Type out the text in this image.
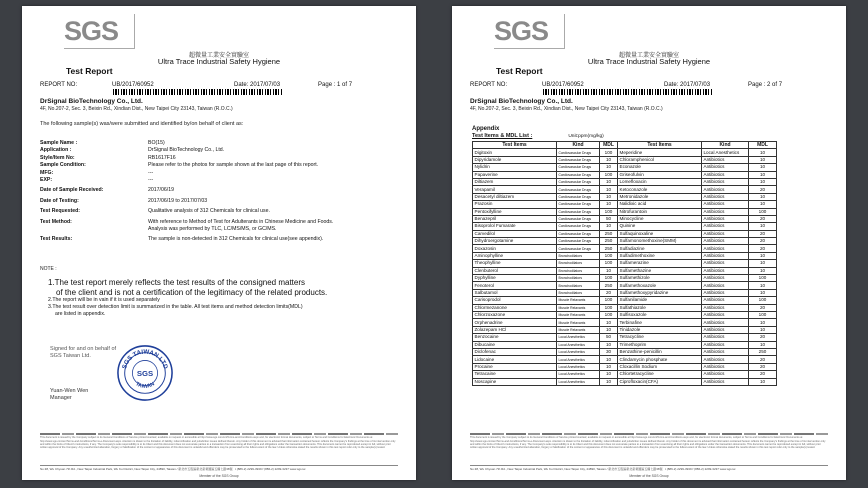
SGS
超微量工業安全實驗室
Ultra Trace Industrial Safety Hygiene
Test Report
REPORT NO:	UB/2017/60952	Date: 2017/07/03	Page : 1 of 7
DrSignal BioTechnology Co., Ltd.
4F, No.207-2, Sec. 3, Beixin Rd., Xindian Dist., New Taipei City 23143, Taiwan (R.O.C.)
The following sample(s) was/were submitted and identified by/on behalf of client as:
Sample Name :	BO(15)
Application :	DrSignal BioTechnology Co., Ltd.
Style/Item No:	RB1617F16
Sample Condition:	Please refer to the photos for sample shown at the last page of this report.
MFG:	---
EXP:	---
Date of Sample Received:	2017/06/19
Date of Testing:	2017/06/19 to 2017/07/03
Test Requested:	Qualitative analysis of 312 Chemicals for clinical use.
Test Method:	With reference to Method of Test for Adulterants in Chinese Medicine and Foods.
Analysis was performed by TLC, LC/MS/MS, or GC/MS.
Test Results:	The sample is non-detected in 312 Chemicals for clinical use(see appendix).
NOTE :
1.The test report merely reflects the test results of the consigned matters
of the client and is not a certification of the legitimacy of the related products.
2.The report will be in vain if it is used separately
3.The test result over detection limit is summarized in the table. All test items and method detection limits(MDL)
are listed in appendix.
Signed for and on behalf of
SGS Taiwan Ltd.
SGS TAIWAN LTD
SGS
TAIWAN
Yuan-Wen Wen
Manager
This document is issued by the Company subject to its General Conditions of Service printed overleaf, available on request or accessible at http://www.sgs.com/en/Terms-and-Conditions.aspx and, for electronic format documents, subject to Terms and Conditions for Electronic Documents at http://www.sgs.com/en/Terms-and-Conditions/Terms-e-Document.aspx. Attention is drawn to the limitation of liability, indemnification and jurisdiction issues defined therein. Any holder of this document is advised that information contained hereon reflects the Company's findings at the time of its intervention only and within the limits of Client's instructions, if any. The Company's sole responsibility is to its Client and this document does not exonerate parties to a transaction from exercising all their rights and obligations under the transaction documents. This document cannot be reproduced except in full, without prior written approval of the Company. Any unauthorized alteration, forgery or falsification of the content or appearance of this document is unlawful and offenders may be prosecuted to the fullest extent of the law. Unless otherwise stated the results shown in this test report refer only to the sample(s) tested.
No.38, Wu Chyuan 7th Rd., New Taipei Industrial Park, Wu Ku District, New Taipei City, 24890, Taiwan / 新北市五股區新北產業園區五權七路38號 t (886-2) 2299-3939 f (886-2) 2299-3237 www.sgs.tw
Member of the SGS Group
SGS
超微量工業安全實驗室
Ultra Trace Industrial Safety Hygiene
Test Report
REPORT NO:	UB/2017/60952	Date: 2017/07/03	Page : 2 of 7
DrSignal BioTechnology Co., Ltd.
4F, No.207-2, Sec. 3, Beixin Rd., Xindian Dist., New Taipei City 23143, Taiwan (R.O.C.)
Appendix
Test Items & MDL List :	Unit:ppm(mg/kg)
Test Items	Kind	MDL	Test Items	Kind	MDL
Digitoxin	Cardiovascular Drugs	100	Meperidine	Local Anesthetics	10
Dipyridamole	Cardiovascular Drugs	10	Chloramphenicol	Antibiotics	10
Nylidrin	Cardiovascular Drugs	10	Econazole	Antibiotics	10
Papaverine	Cardiovascular Drugs	100	Griseofulvin	Antibiotics	10
Diltiazem	Cardiovascular Drugs	10	Lomefloxacin	Antibiotics	10
Verapamil	Cardiovascular Drugs	10	Ketoconazole	Antibiotics	20
Desacetyl diltiazem	Cardiovascular Drugs	10	Metronidazole	Antibiotics	10
Prazosin	Cardiovascular Drugs	10	Nalidixic acid	Antibiotics	10
Pentoxifylline	Cardiovascular Drugs	100	Nitrofurantoin	Antibiotics	100
Benazepril	Cardiovascular Drugs	50	Minocycline	Antibiotics	20
Bisoprolol Fumarate	Cardiovascular Drugs	10	Quinine	Antibiotics	10
Carvedilol	Cardiovascular Drugs	250	Sulfaquinoxaline	Antibiotics	20
Dihydroergotamine	Cardiovascular Drugs	250	Sulfamonomethoxine(SMM)	Antibiotics	20
Doxazosin	Cardiovascular Drugs	250	Sulfadiazine	Antibiotics	20
Aminophylline	Bronchodilators	100	Sulfadimethoxine	Antibiotics	10
Theophylline	Bronchodilators	100	Sulfamerazine	Antibiotics	10
Clenbuterol	Bronchodilators	10	Sulfamethazine	Antibiotics	10
Dyphylline	Bronchodilators	100	Sulfamethizole	Antibiotics	100
Fenoterol	Bronchodilators	250	Sulfamethoxazole	Antibiotics	10
Salbutamol	Bronchodilators	20	Sulfamethoxypyridazine	Antibiotics	10
Carisoprodol	Muscle Relaxants	100	Sulfanilamide	Antibiotics	100
Chlormezanone	Muscle Relaxants	100	Sulfathiazole	Antibiotics	20
Chlorzoxazone	Muscle Relaxants	100	Sulfisoxazole	Antibiotics	100
Orphenadrine	Muscle Relaxants	10	Terbinafine	Antibiotics	10
Zolazepam HCl	Muscle Relaxants	10	Tinidazole	Antibiotics	10
Benzocaine	Local Anesthetics	50	Tetracycline	Antibiotics	20
Dibucaine	Local Anesthetics	10	Trimethoprim	Antibiotics	10
Diclofenac	Local Anesthetics	30	Benzathine-penicillin	Antibiotics	250
Lidocaine	Local Anesthetics	10	Clindamycin phosphate	Antibiotics	20
Procaine	Local Anesthetics	10	Cloxacillin Sodium	Antibiotics	20
Tetracaine	Local Anesthetics	10	Chlortetracycline	Antibiotics	20
Noscapine	Local Anesthetics	10	Ciprofloxacin(CFA)	Antibiotics	10
This document is issued by the Company subject to its General Conditions of Service printed overleaf, available on request or accessible at http://www.sgs.com/en/Terms-and-Conditions.aspx and, for electronic format documents, subject to Terms and Conditions for Electronic Documents at http://www.sgs.com/en/Terms-and-Conditions/Terms-e-Document.aspx. Attention is drawn to the limitation of liability, indemnification and jurisdiction issues defined therein. Any holder of this document is advised that information contained hereon reflects the Company's findings at the time of its intervention only and within the limits of Client's instructions, if any. The Company's sole responsibility is to its Client and this document does not exonerate parties to a transaction from exercising all their rights and obligations under the transaction documents. This document cannot be reproduced except in full, without prior written approval of the Company. Any unauthorized alteration, forgery or falsification of the content or appearance of this document is unlawful and offenders may be prosecuted to the fullest extent of the law. Unless otherwise stated the results shown in this test report refer only to the sample(s) tested.
No.38, Wu Chyuan 7th Rd., New Taipei Industrial Park, Wu Ku District, New Taipei City, 24890, Taiwan / 新北市五股區新北產業園區五權七路38號 t (886-2) 2299-3939 f (886-2) 2299-3237 www.sgs.tw
Member of the SGS Group
